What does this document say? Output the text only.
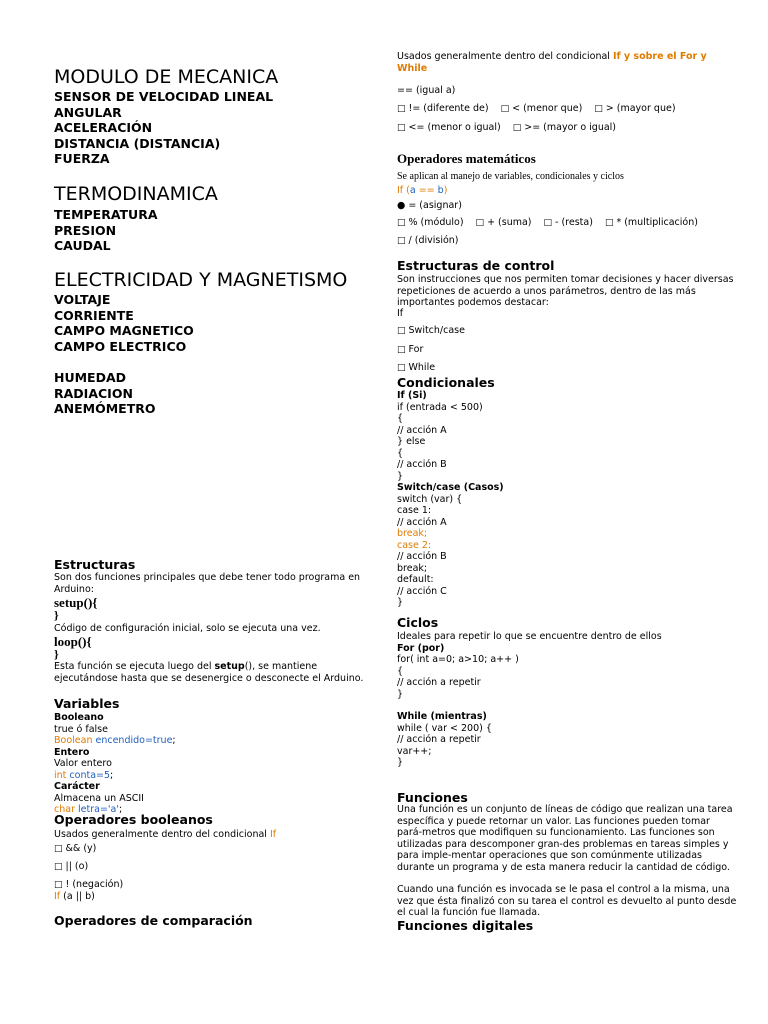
MODULO DE MECANICA
SENSOR DE VELOCIDAD LINEAL
ANGULAR
ACELERACIÓN
DISTANCIA (DISTANCIA)
FUERZA
TERMODINAMICA
TEMPERATURA
PRESION
CAUDAL
ELECTRICIDAD Y MAGNETISMO
VOLTAJE
CORRIENTE
CAMPO MAGNETICO
CAMPO ELECTRICO
HUMEDAD
RADIACION
ANEMÓMETRO
Estructuras
Son dos funciones principales que debe tener todo programa en Arduino:
setup(){
}
Código de configuración inicial, solo se ejecuta una vez.
loop(){
}
Esta función se ejecuta luego del setup(), se mantiene ejecutándose hasta que se desenergice o desconecte el Arduino.
Variables
Booleano
true ó false
Boolean encendido=true;
Entero
Valor entero
int conta=5;
Carácter
Almacena un ASCII
char letra='a';
Operadores booleanos
Usados generalmente dentro del condicional If
□ && (y)
□ || (o)
□ ! (negación)
If (a || b)
Operadores de comparación
Usados generalmente dentro del condicional If y sobre el For y While
== (igual a)
□ != (diferente de) □ < (menor que) □ > (mayor que)
□ <= (menor o igual) □ >= (mayor o igual)
Operadores matemáticos
Se aplican al manejo de variables, condicionales y ciclos
If (a == b)
● = (asignar)
□ % (módulo) □ + (suma) □ - (resta) □ * (multiplicación)
□ / (división)
Estructuras de control
Son instrucciones que nos permiten tomar decisiones y hacer diversas repeticiones de acuerdo a unos parámetros, dentro de las más importantes podemos destacar:
If
□ Switch/case
□ For
□ While
Condicionales
If (Si)
if (entrada < 500)
{
// acción A
} else
{
// acción B
}
Switch/case (Casos)
switch (var) {
case 1:
// acción A
break;
case 2:
// acción B
break;
default:
// acción C
}
Ciclos
Ideales para repetir lo que se encuentre dentro de ellos
For (por)
for( int a=0; a>10; a++ )
{
// acción a repetir
}
While (mientras)
while ( var < 200) {
// acción a repetir
var++;
}
Funciones
Una función es un conjunto de líneas de código que realizan una tarea específica y puede retornar un valor. Las funciones pueden tomar pará-metros que modifiquen su funcionamiento. Las funciones son utilizadas para descomponer gran-des problemas en tareas simples y para imple-mentar operaciones que son comúnmente utilizadas durante un programa y de esta manera reducir la cantidad de código.
Cuando una función es invocada se le pasa el control a la misma, una vez que ésta finalizó con su tarea el control es devuelto al punto desde el cual la función fue llamada.
Funciones digitales
